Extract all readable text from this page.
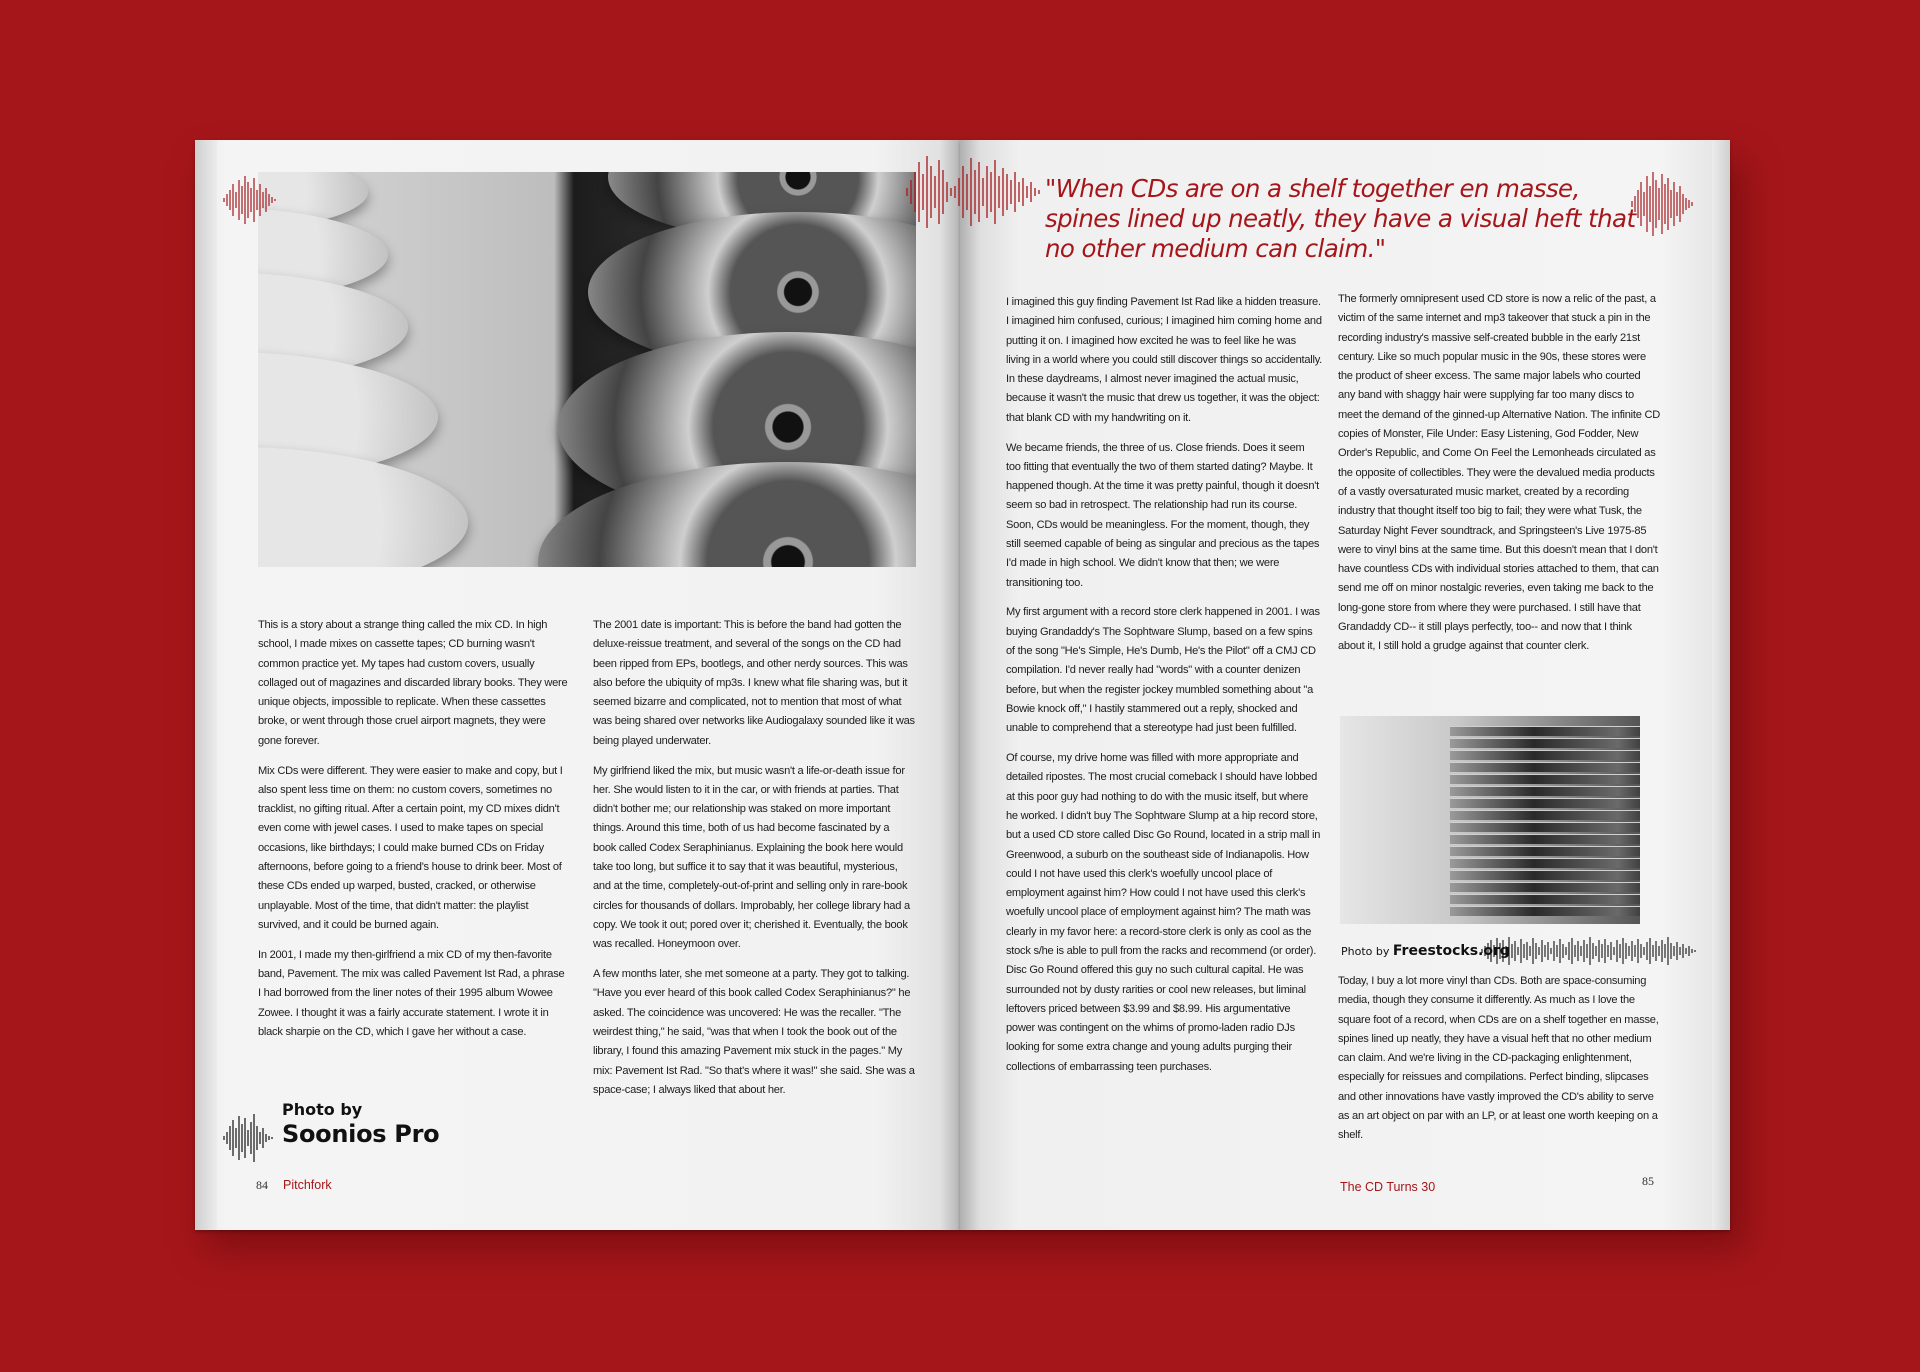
This is a story about a strange thing called the mix CD. In high school, I made mixes on cassette tapes; CD burning wasn't common practice yet. My tapes had custom covers, usually collaged out of magazines and discarded library books. They were unique objects, impossible to replicate. When these cassettes broke, or went through those cruel airport magnets, they were gone forever.

Mix CDs were different. They were easier to make and copy, but I also spent less time on them: no custom covers, sometimes no tracklist, no gifting ritual. After a certain point, my CD mixes didn't even come with jewel cases. I used to make tapes on special occasions, like birthdays; I could make burned CDs on Friday afternoons, before going to a friend's house to drink beer. Most of these CDs ended up warped, busted, cracked, or otherwise unplayable. Most of the time, that didn't matter: the playlist survived, and it could be burned again.

In 2001, I made my then-girlfriend a mix CD of my then-favorite band, Pavement. The mix was called Pavement Ist Rad, a phrase I had borrowed from the liner notes of their 1995 album Wowee Zowee. I thought it was a fairly accurate statement. I wrote it in black sharpie on the CD, which I gave her without a case.

The 2001 date is important: This is before the band had gotten the deluxe-reissue treatment, and several of the songs on the CD had been ripped from EPs, bootlegs, and other nerdy sources. This was also before the ubiquity of mp3s. I knew what file sharing was, but it seemed bizarre and complicated, not to mention that most of what was being shared over networks like Audiogalaxy sounded like it was being played underwater.

My girlfriend liked the mix, but music wasn't a life-or-death issue for her. She would listen to it in the car, or with friends at parties. That didn't bother me; our relationship was staked on more important things. Around this time, both of us had become fascinated by a book called Codex Seraphinianus. Explaining the book here would take too long, but suffice it to say that it was beautiful, mysterious, and at the time, completely-out-of-print and selling only in rare-book circles for thousands of dollars. Improbably, her college library had a copy. We took it out; pored over it; cherished it. Eventually, the book was recalled. Honeymoon over.

A few months later, she met someone at a party. They got to talking. "Have you ever heard of this book called Codex Seraphinianus?" he asked. The coincidence was uncovered: He was the recaller. "The weirdest thing," he said, "was that when I took the book out of the library, I found this amazing Pavement mix stuck in the pages." My mix: Pavement Ist Rad. "So that's where it was!" she said. She was a space-case; I always liked that about her.

Photo by
Soonios Pro
84 Pitchfork
"When CDs are on a shelf together en masse, spines lined up neatly, they have a visual heft that no other medium can claim."

I imagined this guy finding Pavement Ist Rad like a hidden treasure. I imagined him confused, curious; I imagined him coming home and putting it on. I imagined how excited he was to feel like he was living in a world where you could still discover things so accidentally. In these daydreams, I almost never imagined the actual music, because it wasn't the music that drew us together, it was the object: that blank CD with my handwriting on it.

We became friends, the three of us. Close friends. Does it seem too fitting that eventually the two of them started dating? Maybe. It happened though. At the time it was pretty painful, though it doesn't seem so bad in retrospect. The relationship had run its course. Soon, CDs would be meaningless. For the moment, though, they still seemed capable of being as singular and precious as the tapes I'd made in high school. We didn't know that then; we were transitioning too.

My first argument with a record store clerk happened in 2001. I was buying Grandaddy's The Sophtware Slump, based on a few spins of the song "He's Simple, He's Dumb, He's the Pilot" off a CMJ CD compilation. I'd never really had "words" with a counter denizen before, but when the register jockey mumbled something about "a Bowie knock off," I hastily stammered out a reply, shocked and unable to comprehend that a stereotype had just been fulfilled.

Of course, my drive home was filled with more appropriate and detailed ripostes. The most crucial comeback I should have lobbed at this poor guy had nothing to do with the music itself, but where he worked. I didn't buy The Sophtware Slump at a hip record store, but a used CD store called Disc Go Round, located in a strip mall in Greenwood, a suburb on the southeast side of Indianapolis. How could I not have used this clerk's woefully uncool place of employment against him? How could I not have used this clerk's woefully uncool place of employment against him? The math was clearly in my favor here: a record-store clerk is only as cool as the stock s/he is able to pull from the racks and recommend (or order). Disc Go Round offered this guy no such cultural capital. He was surrounded not by dusty rarities or cool new releases, but liminal leftovers priced between $3.99 and $8.99. His argumentative power was contingent on the whims of promo-laden radio DJs looking for some extra change and young adults purging their collections of embarrassing teen purchases.

The formerly omnipresent used CD store is now a relic of the past, a victim of the same internet and mp3 takeover that stuck a pin in the recording industry's massive self-created bubble in the early 21st century. Like so much popular music in the 90s, these stores were the product of sheer excess. The same major labels who courted any band with shaggy hair were supplying far too many discs to meet the demand of the ginned-up Alternative Nation. The infinite CD copies of Monster, File Under: Easy Listening, God Fodder, New Order's Republic, and Come On Feel the Lemonheads circulated as the opposite of collectibles. They were the devalued media products of a vastly oversaturated music market, created by a recording industry that thought itself too big to fail; they were what Tusk, the Saturday Night Fever soundtrack, and Springsteen's Live 1975-85 were to vinyl bins at the same time. But this doesn't mean that I don't have countless CDs with individual stories attached to them, that can send me off on minor nostalgic reveries, even taking me back to the long-gone store from where they were purchased. I still have that Grandaddy CD-- it still plays perfectly, too-- and now that I think about it, I still hold a grudge against that counter clerk.

Photo by Freestocks.org

Today, I buy a lot more vinyl than CDs. Both are space-consuming media, though they consume it differently. As much as I love the square foot of a record, when CDs are on a shelf together en masse, spines lined up neatly, they have a visual heft that no other medium can claim. And we're living in the CD-packaging enlightenment, especially for reissues and compilations. Perfect binding, slipcases and other innovations have vastly improved the CD's ability to serve as an art object on par with an LP, or at least one worth keeping on a shelf.

The CD Turns 30	85
